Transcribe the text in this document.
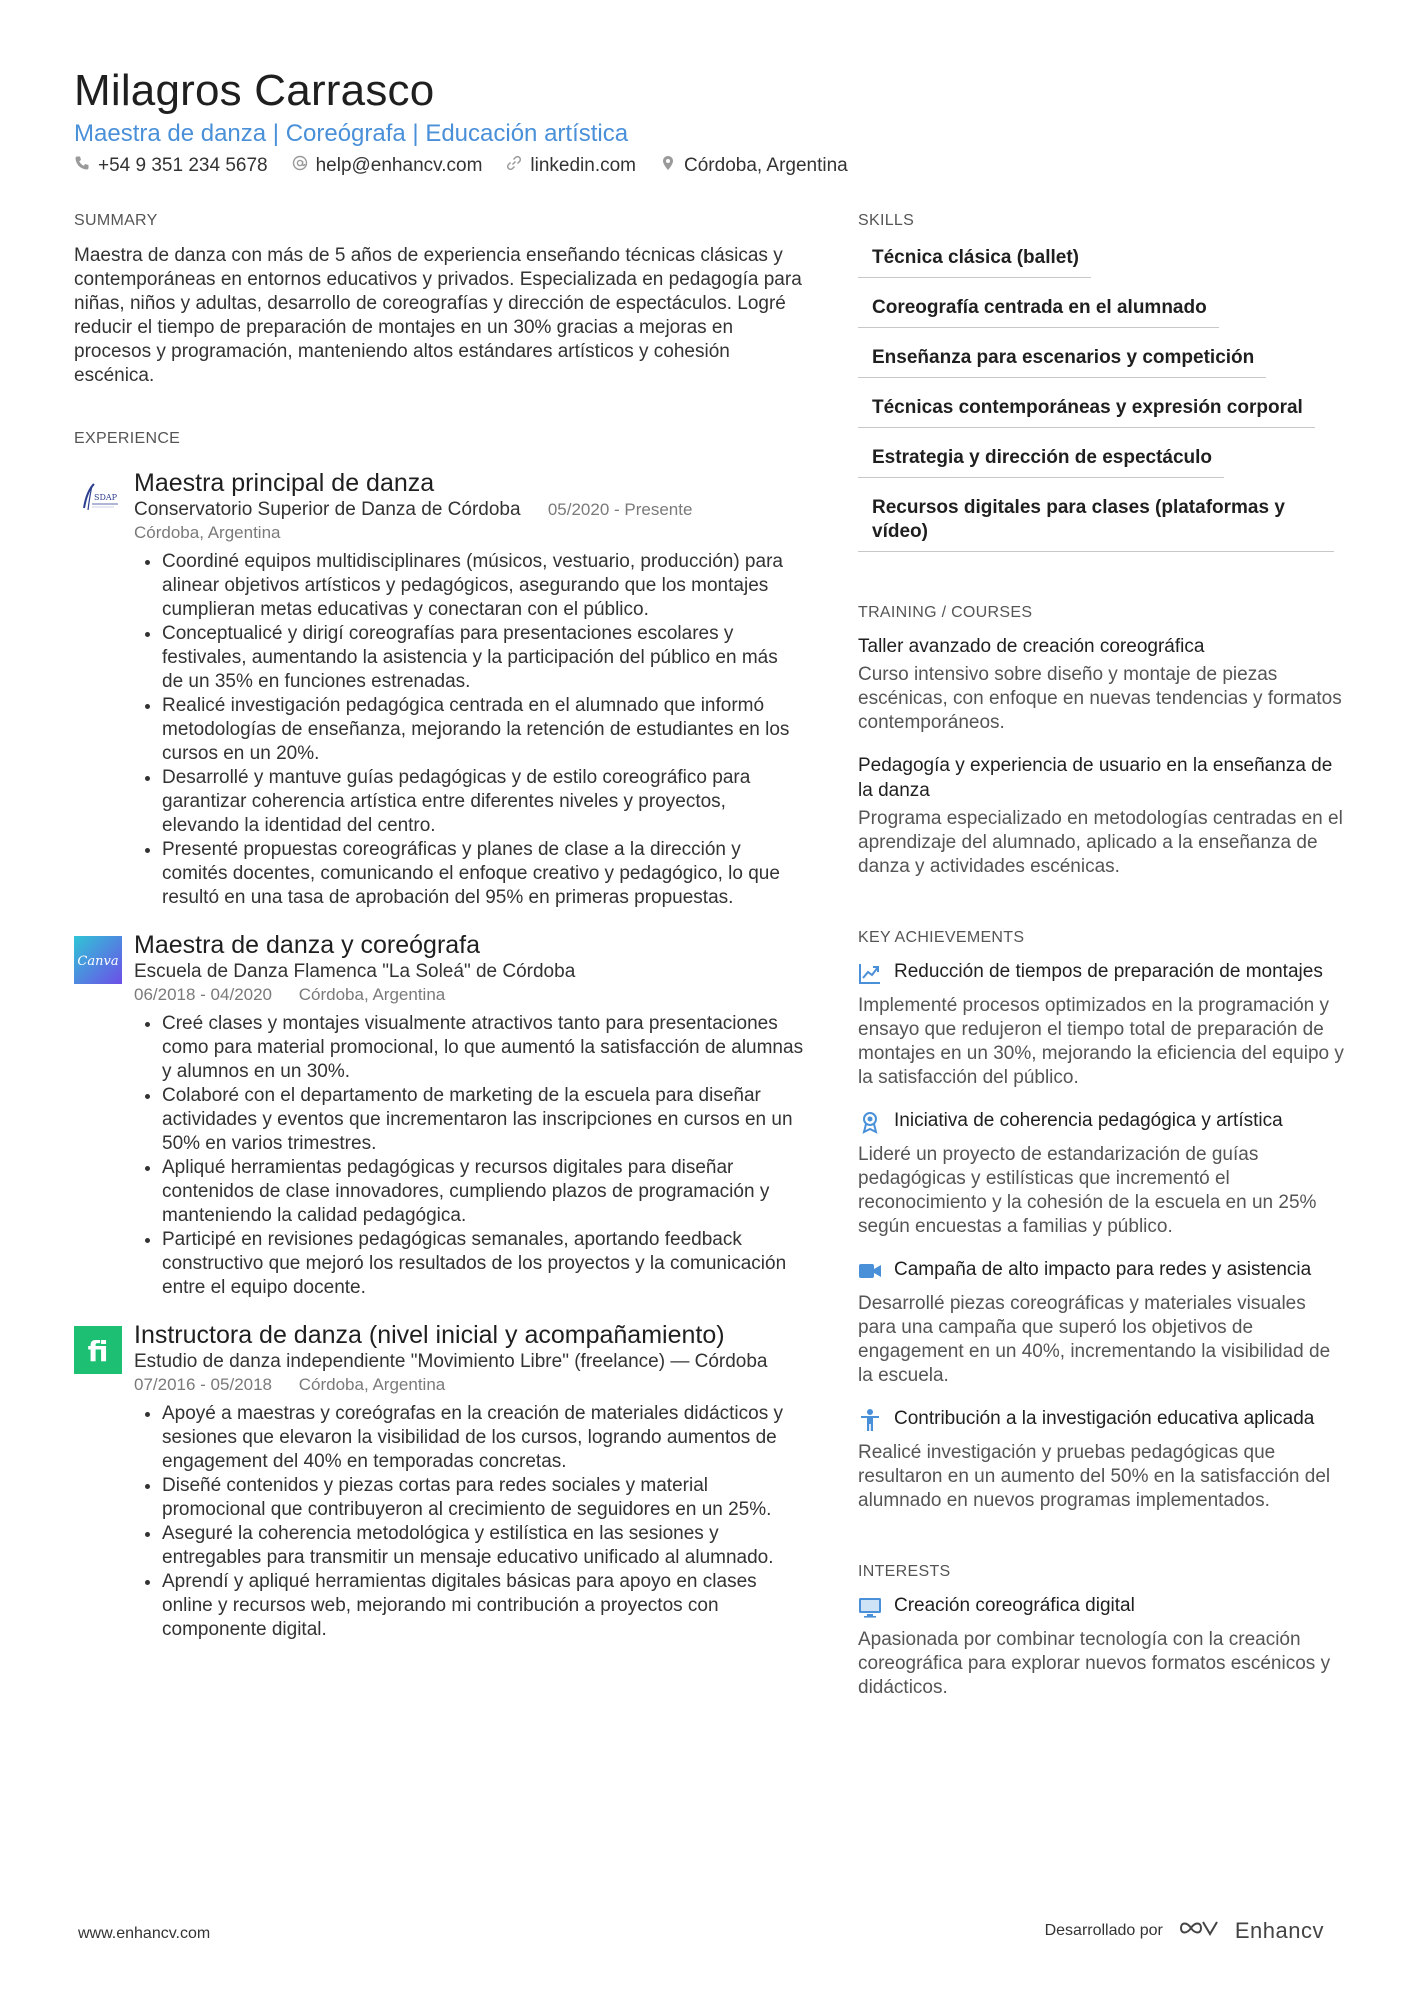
Milagros Carrasco
Maestra de danza | Coreógrafa | Educación artística
+54 9 351 234 5678	help@enhancv.com	linkedin.com	Córdoba, Argentina
SUMMARY
Maestra de danza con más de 5 años de experiencia enseñando técnicas clásicas y contemporáneas en entornos educativos y privados. Especializada en pedagogía para niñas, niños y adultas, desarrollo de coreografías y dirección de espectáculos. Logré reducir el tiempo de preparación de montajes en un 30% gracias a mejoras en procesos y programación, manteniendo altos estándares artísticos y cohesión escénica.
EXPERIENCE
SDAP
Maestra principal de danza
Conservatorio Superior de Danza de Córdoba 05/2020 - Presente
Córdoba, Argentina
• Coordiné equipos multidisciplinares (músicos, vestuario, producción) para alinear objetivos artísticos y pedagógicos, asegurando que los montajes cumplieran metas educativas y conectaran con el público.
• Conceptualicé y dirigí coreografías para presentaciones escolares y festivales, aumentando la asistencia y la participación del público en más de un 35% en funciones estrenadas.
• Realicé investigación pedagógica centrada en el alumnado que informó metodologías de enseñanza, mejorando la retención de estudiantes en los cursos en un 20%.
• Desarrollé y mantuve guías pedagógicas y de estilo coreográfico para garantizar coherencia artística entre diferentes niveles y proyectos, elevando la identidad del centro.
• Presenté propuestas coreográficas y planes de clase a la dirección y comités docentes, comunicando el enfoque creativo y pedagógico, lo que resultó en una tasa de aprobación del 95% en primeras propuestas.
Canva
Maestra de danza y coreógrafa
Escuela de Danza Flamenca "La Soleá" de Córdoba
06/2018 - 04/2020 Córdoba, Argentina
• Creé clases y montajes visualmente atractivos tanto para presentaciones como para material promocional, lo que aumentó la satisfacción de alumnas y alumnos en un 30%.
• Colaboré con el departamento de marketing de la escuela para diseñar actividades y eventos que incrementaron las inscripciones en cursos en un 50% en varios trimestres.
• Apliqué herramientas pedagógicas y recursos digitales para diseñar contenidos de clase innovadores, cumpliendo plazos de programación y manteniendo la calidad pedagógica.
• Participé en revisiones pedagógicas semanales, aportando feedback constructivo que mejoró los resultados de los proyectos y la comunicación entre el equipo docente.
fi Instructora de danza (nivel inicial y acompañamiento)
Estudio de danza independiente "Movimiento Libre" (freelance) — Córdoba
07/2016 - 05/2018 Córdoba, Argentina
• Apoyé a maestras y coreógrafas en la creación de materiales didácticos y sesiones que elevaron la visibilidad de los cursos, logrando aumentos de engagement del 40% en temporadas concretas.
• Diseñé contenidos y piezas cortas para redes sociales y material promocional que contribuyeron al crecimiento de seguidores en un 25%.
• Aseguré la coherencia metodológica y estilística en las sesiones y entregables para transmitir un mensaje educativo unificado al alumnado.
• Aprendí y apliqué herramientas digitales básicas para apoyo en clases online y recursos web, mejorando mi contribución a proyectos con componente digital.
SKILLS
Técnica clásica (ballet)
Coreografía centrada en el alumnado
Enseñanza para escenarios y competición
Técnicas contemporáneas y expresión corporal
Estrategia y dirección de espectáculo
Recursos digitales para clases (plataformas y vídeo)
TRAINING / COURSES
Taller avanzado de creación coreográfica
Curso intensivo sobre diseño y montaje de piezas escénicas, con enfoque en nuevas tendencias y formatos contemporáneos.
Pedagogía y experiencia de usuario en la enseñanza de la danza
Programa especializado en metodologías centradas en el aprendizaje del alumnado, aplicado a la enseñanza de danza y actividades escénicas.
KEY ACHIEVEMENTS
Reducción de tiempos de preparación de montajes
Implementé procesos optimizados en la programación y ensayo que redujeron el tiempo total de preparación de montajes en un 30%, mejorando la eficiencia del equipo y la satisfacción del público.
Iniciativa de coherencia pedagógica y artística
Lideré un proyecto de estandarización de guías pedagógicas y estilísticas que incrementó el reconocimiento y la cohesión de la escuela en un 25% según encuestas a familias y público.
Campaña de alto impacto para redes y asistencia
Desarrollé piezas coreográficas y materiales visuales para una campaña que superó los objetivos de engagement en un 40%, incrementando la visibilidad de la escuela.
Contribución a la investigación educativa aplicada
Realicé investigación y pruebas pedagógicas que resultaron en un aumento del 50% en la satisfacción del alumnado en nuevos programas implementados.
INTERESTS
Creación coreográfica digital
Apasionada por combinar tecnología con la creación coreográfica para explorar nuevos formatos escénicos y didácticos.
www.enhancv.com	Desarrollado por	Enhancv
